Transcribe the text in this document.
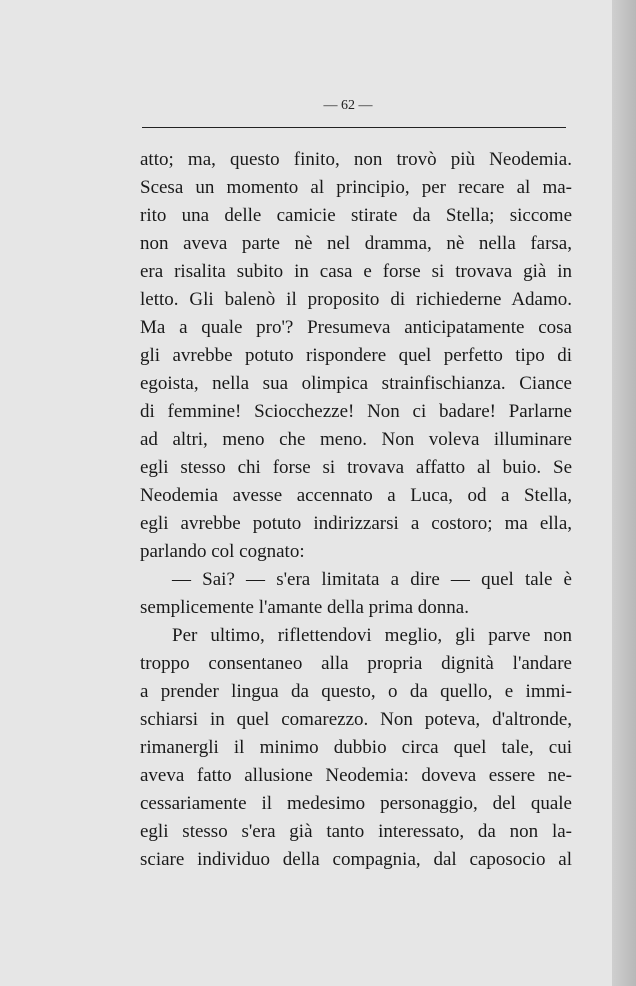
— 62 —
atto; ma, questo finito, non trovò più Neodemia.
Scesa un momento al principio, per recare al ma-
rito una delle camicie stirate da Stella; siccome
non aveva parte nè nel dramma, nè nella farsa,
era risalita subito in casa e forse si trovava già in
letto. Gli balenò il proposito di richiederne Adamo.
Ma a quale pro'? Presumeva anticipatamente cosa
gli avrebbe potuto rispondere quel perfetto tipo di
egoista, nella sua olimpica strainfischianza. Ciance
di femmine! Sciocchezze! Non ci badare! Parlarne
ad altri, meno che meno. Non voleva illuminare
egli stesso chi forse si trovava affatto al buio. Se
Neodemia avesse accennato a Luca, od a Stella,
egli avrebbe potuto indirizzarsi a costoro; ma ella,
parlando col cognato:
— Sai? — s'era limitata a dire — quel tale è
semplicemente l'amante della prima donna.
Per ultimo, riflettendovi meglio, gli parve non
troppo consentaneo alla propria dignità l'andare
a prender lingua da questo, o da quello, e immi-
schiarsi in quel comarezzo. Non poteva, d'altronde,
rimanergli il minimo dubbio circa quel tale, cui
aveva fatto allusione Neodemia: doveva essere ne-
cessariamente il medesimo personaggio, del quale
egli stesso s'era già tanto interessato, da non la-
sciare individuo della compagnia, dal caposocio al
